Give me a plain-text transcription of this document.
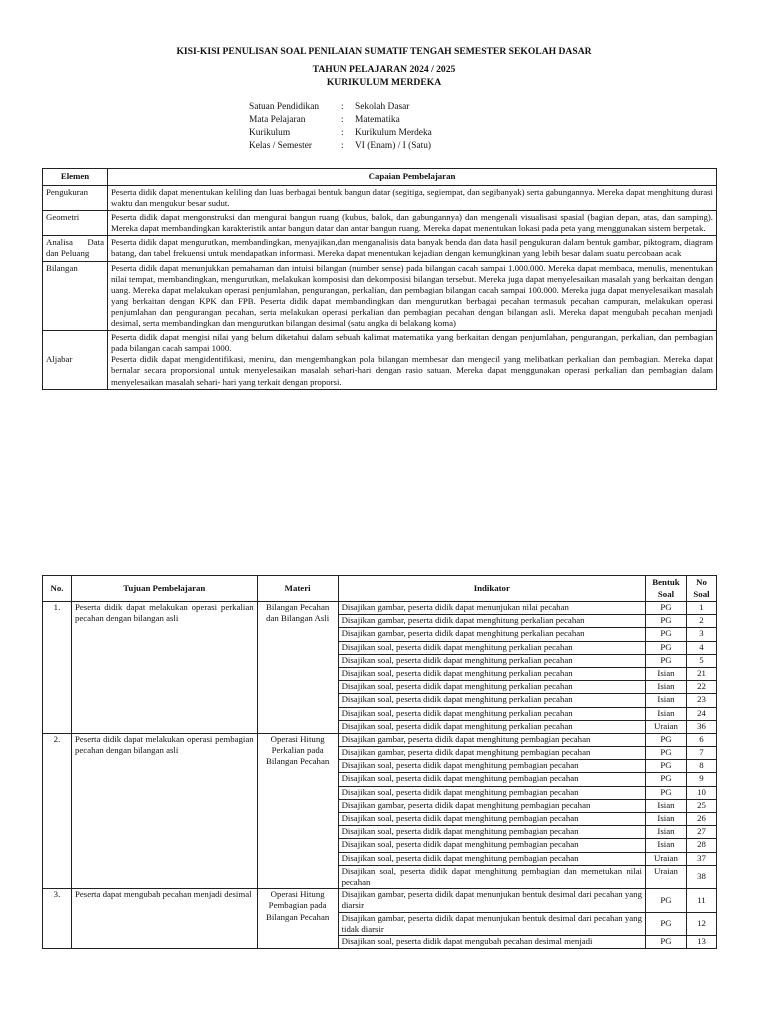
KISI-KISI PENULISAN SOAL PENILAIAN SUMATIF TENGAH SEMESTER SEKOLAH DASAR
TAHUN PELAJARAN 2024 / 2025
KURIKULUM MERDEKA
Satuan Pendidikan	:	Sekolah Dasar
Mata Pelajaran	:	Matematika
Kurikulum	:	Kurikulum Merdeka
Kelas / Semester	:	VI (Enam) / I (Satu)
Elemen	Capaian Pembelajaran
Pengukuran	Peserta didik dapat menentukan keliling dan luas berbagai bentuk bangun datar (segitiga, segiempat, dan segibanyak) serta gabungannya. Mereka dapat menghitung durasi waktu dan mengukur besar sudut.
Geometri	Peserta didik dapat mengonstruksi dan mengurai bangun ruang (kubus, balok, dan gabungannya) dan mengenali visualisasi spasial (bagian depan, atas, dan samping). Mereka dapat membandingkan karakteristik antar bangun datar dan antar bangun ruang. Mereka dapat menentukan lokasi pada peta yang menggunakan sistem berpetak.
Analisa Data dan Peluang	Peserta didik dapat mengurutkan, membandingkan, menyajikan,dan menganalisis data banyak benda dan data hasil pengukuran dalam bentuk gambar, piktogram, diagram batang, dan tabel frekuensi untuk mendapatkan informasi. Mereka dapat menentukan kejadian dengan kemungkinan yang lebih besar dalam suatu percobaan acak
Bilangan	Peserta didik dapat menunjukkan pemahaman dan intuisi bilangan (number sense) pada bilangan cacah sampai 1.000.000. Mereka dapat membaca, menulis, menentukan nilai tempat, membandingkan, mengurutkan, melakukan komposisi dan dekomposisi bilangan tersebut. Mereka juga dapat menyelesaikan masalah yang berkaitan dengan uang. Mereka dapat melakukan operasi penjumlahan, pengurangan, perkalian, dan pembagian bilangan cacah sampai 100.000. Mereka juga dapat menyelesaikan masalah yang berkaitan dengan KPK dan FPB. Peserta didik dapat membandingkan dan mengurutkan berbagai pecahan termasuk pecahan campuran, melakukan operasi penjumlahan dan pengurangan pecahan, serta melakukan operasi perkalian dan pembagian pecahan dengan bilangan asli. Mereka dapat mengubah pecahan menjadi desimal, serta membandingkan dan mengurutkan bilangan desimal (satu angka di belakang koma)
Aljabar	Peserta didik dapat mengisi nilai yang belum diketahui dalam sebuah kalimat matematika yang berkaitan dengan penjumlahan, pengurangan, perkalian, dan pembagian pada bilangan cacah sampai 1000.
Peserta didik dapat mengidentifikasi, meniru, dan mengembangkan pola bilangan membesar dan mengecil yang melibatkan perkalian dan pembagian. Mereka dapat bernalar secara proporsional untuk menyelesaikan masalah sehari-hari dengan rasio satuan. Mereka dapat menggunakan operasi perkalian dan pembagian dalam menyelesaikan masalah sehari- hari yang terkait dengan proporsi.
No.	Tujuan Pembelajaran	Materi	Indikator	Bentuk Soal	No Soal
1.	Peserta didik dapat melakukan operasi perkalian pecahan dengan bilangan asli	Bilangan Pecahan dan Bilangan Asli	Disajikan gambar, peserta didik dapat menunjukan nilai pecahan	PG	1
			Disajikan gambar, peserta didik dapat menghitung perkalian pecahan	PG	2
			Disajikan gambar, peserta didik dapat menghitung perkalian pecahan	PG	3
			Disajikan soal, peserta didik dapat menghitung perkalian pecahan	PG	4
			Disajikan soal, peserta didik dapat menghitung perkalian pecahan	PG	5
			Disajikan soal, peserta didik dapat menghitung perkalian pecahan	Isian	21
			Disajikan soal, peserta didik dapat menghitung perkalian pecahan	Isian	22
			Disajikan soal, peserta didik dapat menghitung perkalian pecahan	Isian	23
			Disajikan soal, peserta didik dapat menghitung perkalian pecahan	Isian	24
			Disajikan soal, peserta didik dapat menghitung perkalian pecahan	Uraian	36
2.	Peserta didik dapat melakukan operasi pembagian pecahan dengan bilangan asli	Operasi Hitung Perkalian pada Bilangan Pecahan	Disajikan gambar, peserta didik dapat menghitung pembagian pecahan	PG	6
			Disajikan gambar, peserta didik dapat menghitung pembagian pecahan	PG	7
			Disajikan soal, peserta didik dapat menghitung pembagian pecahan	PG	8
			Disajikan soal, peserta didik dapat menghitung pembagian pecahan	PG	9
			Disajikan soal, peserta didik dapat menghitung pembagian pecahan	PG	10
			Disajikan gambar, peserta didik dapat menghitung pembagian pecahan	Isian	25
			Disajikan soal, peserta didik dapat menghitung pembagian pecahan	Isian	26
			Disajikan soal, peserta didik dapat menghitung pembagian pecahan	Isian	27
			Disajikan soal, peserta didik dapat menghitung pembagian pecahan	Isian	28
			Disajikan soal, peserta didik dapat menghitung pembagian pecahan	Uraian	37
			Disajikan soal, peserta didik dapat menghitung pembagian dan memetukan nilai pecahan	Uraian	38
3.	Peserta dapat mengubah pecahan menjadi desimal	Operasi Hitung Pembagian pada Bilangan Pecahan	Disajikan gambar, peserta didik dapat menunjukan bentuk desimal dari pecahan yang diarsir	PG	11
			Disajikan gambar, peserta didik dapat menunjukan bentuk desimal dari pecahan yang tidak diarsir	PG	12
			Disajikan soal, peserta didik dapat mengubah pecahan desimal menjadi	PG	13
